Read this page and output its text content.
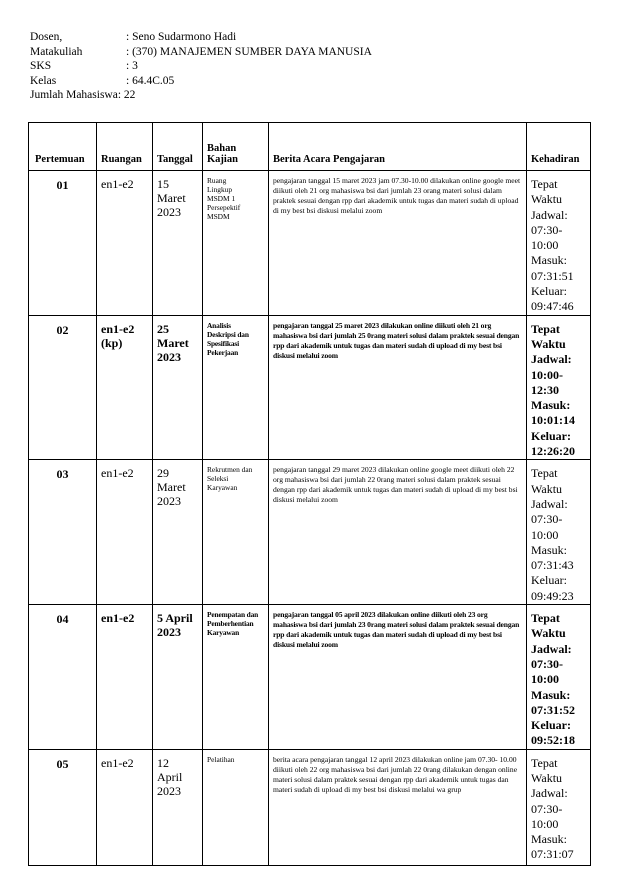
Dosen,	: Seno Sudarmono Hadi
Matakuliah	: (370) MANAJEMEN SUMBER DAYA MANUSIA
SKS	: 3
Kelas	: 64.4C.05
Jumlah Mahasiswa : 22
Pertemuan	Ruangan	Tanggal	Bahan Kajian	Berita Acara Pengajaran	Kehadiran

01	en1-e2	15 Maret 2023	Ruang Lingkup MSDM 1 Persepektif MSDM	pengajaran tanggal 15 maret 2023 jam 07.30-10.00 dilakukan online google meet diikuti oleh 21 org mahasiswa bsi dari jumlah 23 orang materi solusi dalam praktek sesuai dengan rpp dari akademik untuk tugas dan materi sudah di upload di my best bsi diskusi melalui zoom	Tepat Waktu Jadwal: 07:30-10:00 Masuk: 07:31:51 Keluar: 09:47:46

02	en1-e2 (kp)	25 Maret 2023	Analisis Deskripsi dan Spesifikasi Pekerjaan	pengajaran tanggal 25 maret 2023 dilakukan online diikuti oleh 21 org mahasiswa bsi dari jumlah 25 0rang materi solusi dalam praktek sesuai dengan rpp dari akademik untuk tugas dan materi sudah di upload di my best bsi diskusi melalui zoom	Tepat Waktu Jadwal: 10:00-12:30 Masuk: 10:01:14 Keluar: 12:26:20

03	en1-e2	29 Maret 2023	Rekrutmen dan Seleksi Karyawan	pengajaran tanggal 29 maret 2023 dilakukan online google meet diikuti oleh 22 org mahasiswa bsi dari jumlah 22 0rang materi solusi dalam praktek sesuai dengan rpp dari akademik untuk tugas dan materi sudah di upload di my best bsi diskusi melalui zoom	Tepat Waktu Jadwal: 07:30-10:00 Masuk: 07:31:43 Keluar: 09:49:23

04	en1-e2	5 April 2023	Penempatan dan Pemberhentian Karyawan	pengajaran tanggal 05 april 2023 dilakukan online diikuti oleh 23 org mahasiswa bsi dari jumlah 23 0rang materi solusi dalam praktek sesuai dengan rpp dari akademik untuk tugas dan materi sudah di upload di my best bsi diskusi melalui zoom	Tepat Waktu Jadwal: 07:30-10:00 Masuk: 07:31:52 Keluar: 09:52:18

05	en1-e2	12 April 2023	Pelatihan	berita acara pengajaran tanggal 12 april 2023 dilakukan online jam 07.30- 10.00 diikuti oleh 22 org mahasiswa bsi dari jumlah 22 0rang dilakukan dengan online materi solusi dalam praktek sesuai dengan rpp dari akademik untuk tugas dan materi sudah di upload di my best bsi diskusi melalui wa grup	Tepat Waktu Jadwal: 07:30-10:00 Masuk: 07:31:07
